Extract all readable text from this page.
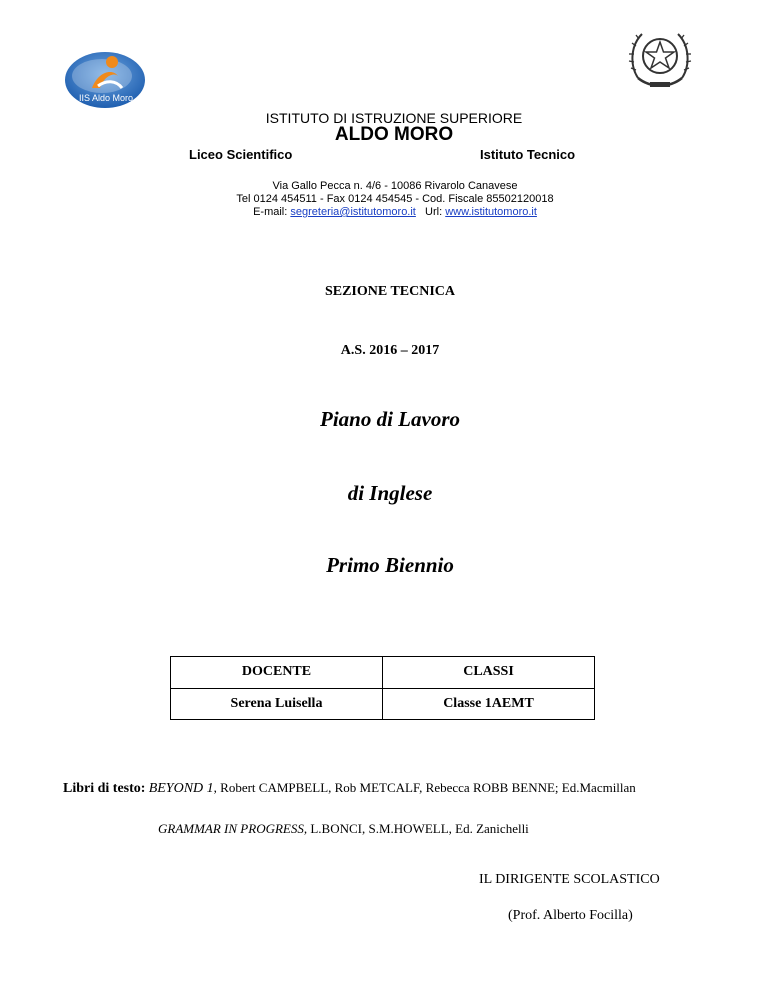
IIS Aldo Moro
ISTITUTO DI ISTRUZIONE SUPERIORE
ALDO MORO
Liceo Scientifico	Istituto Tecnico
Via Gallo Pecca n. 4/6 - 10086 Rivarolo Canavese
Tel 0124 454511 - Fax 0124 454545 - Cod. Fiscale 85502120018
E-mail: segreteria@istitutomoro.it Url: www.istitutomoro.it
SEZIONE TECNICA
A.S. 2016 – 2017
Piano di Lavoro
di Inglese
Primo Biennio
DOCENTE	CLASSI
Serena Luisella	Classe 1AEMT
Libri di testo: BEYOND 1, Robert CAMPBELL, Rob METCALF, Rebecca ROBB BENNE; Ed.Macmillan
GRAMMAR IN PROGRESS, L.BONCI, S.M.HOWELL, Ed. Zanichelli
IL DIRIGENTE SCOLASTICO
(Prof. Alberto Focilla)
